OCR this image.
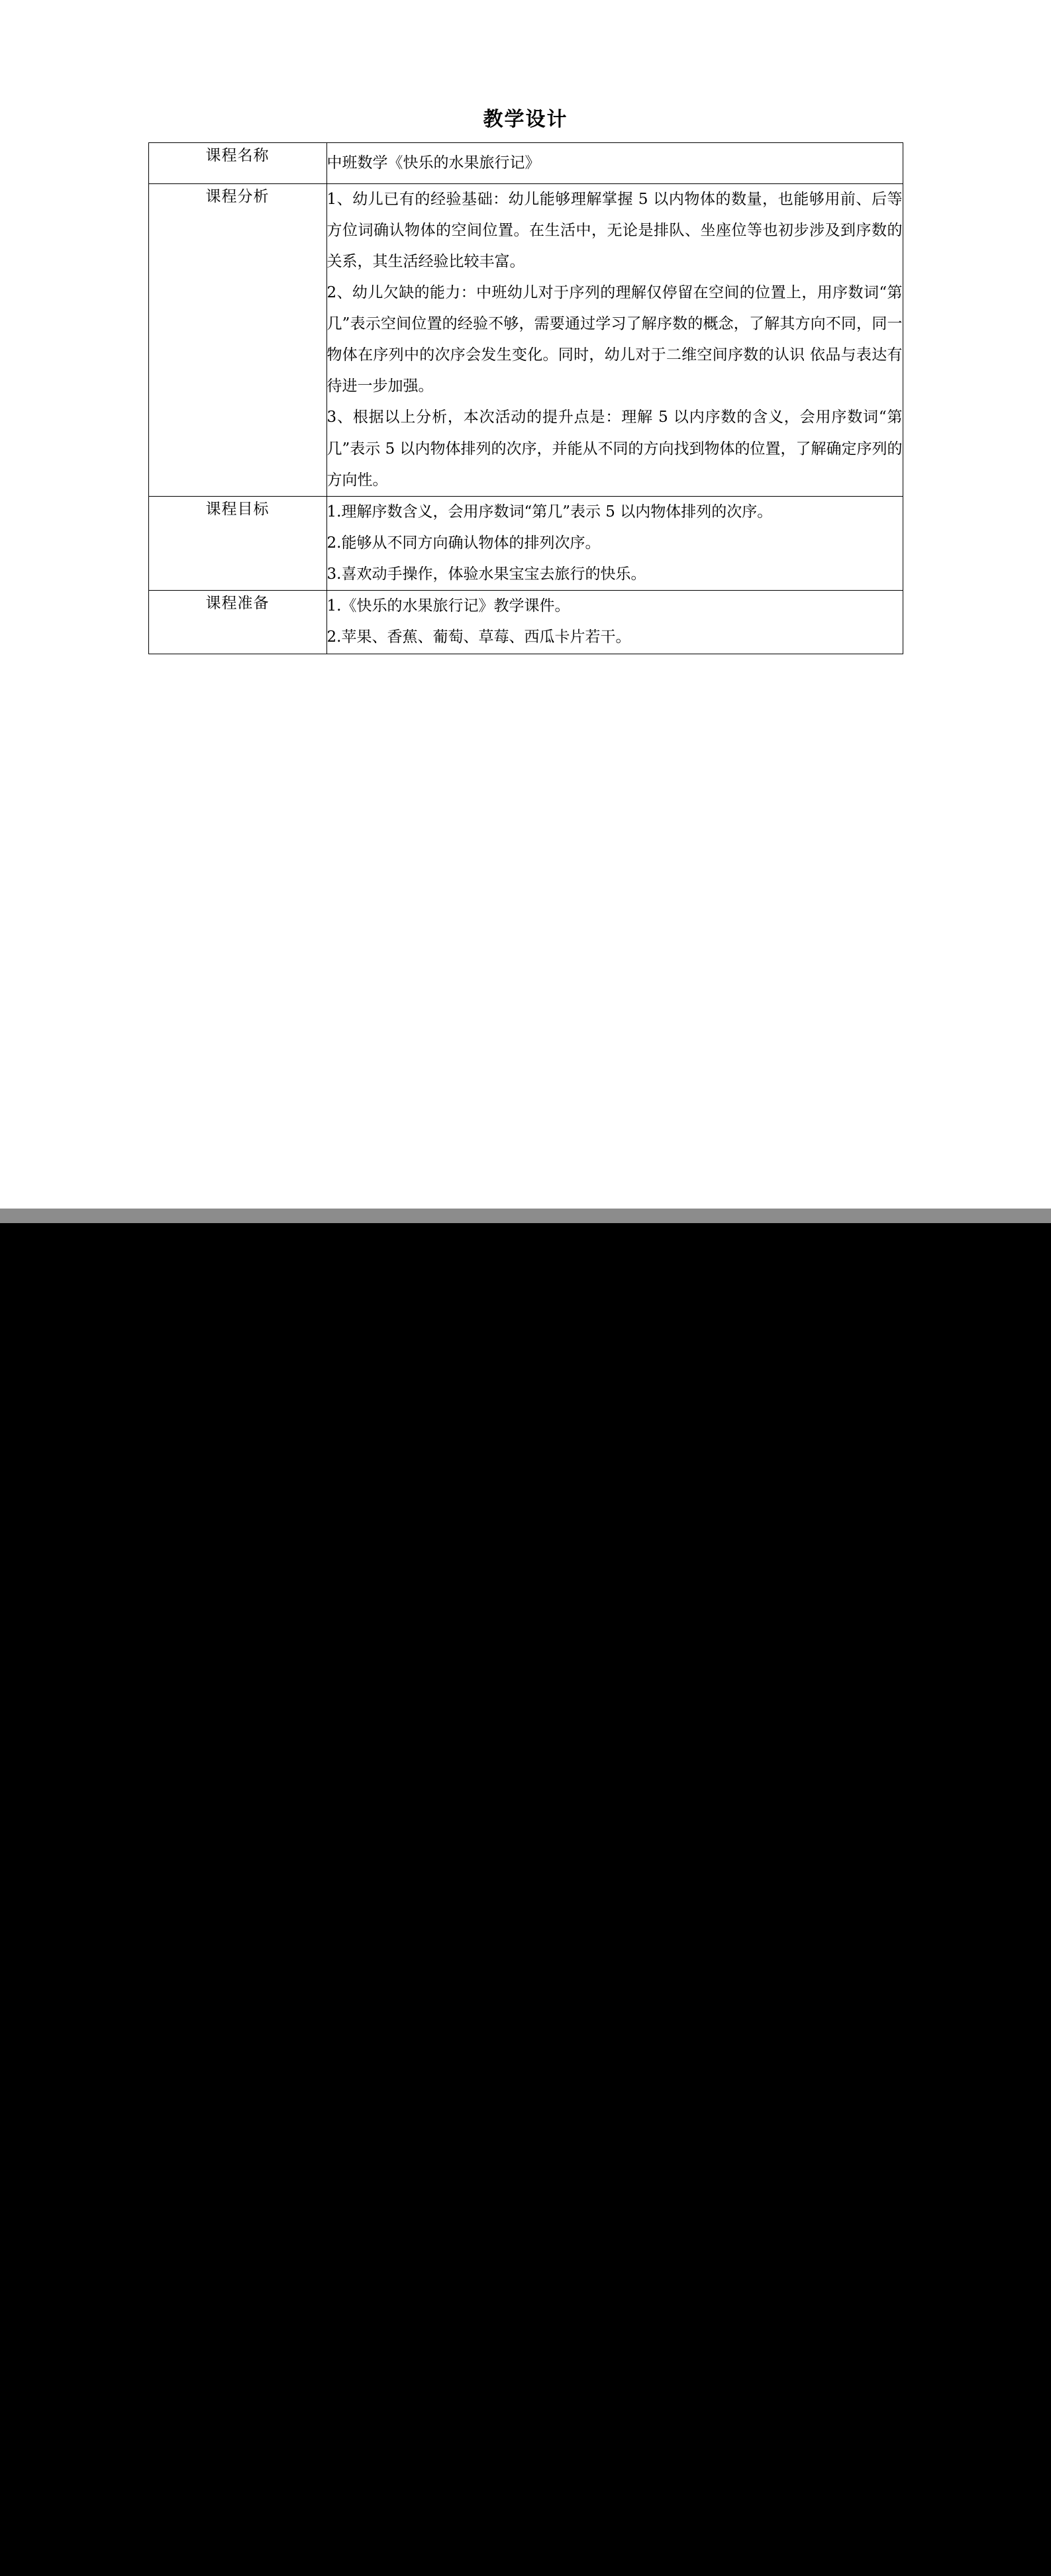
教学设计
课程名称	中班数学《快乐的水果旅行记》

课程分析	1、幼儿已有的经验基础：幼儿能够理解掌握 5 以内物体的数量，也能够用前、后等方位词确认物体的空间位置。在生活中，无论是排队、坐座位等也初步涉及到序数的关系，其生活经验比较丰富。

2、幼儿欠缺的能力：中班幼儿对于序列的理解仅停留在空间的位置上，用序数词“第几”表示空间位置的经验不够，需要通过学习了解序数的概念，了解其方向不同，同一物体在序列中的次序会发生变化。同时，幼儿对于二维空间序数的认识 依品与表达有待进一步加强。

3、根据以上分析，本次活动的提升点是：理解 5 以内序数的含义，会用序数词“第几”表示 5 以内物体排列的次序，并能从不同的方向找到物体的位置，了解确定序列的方向性。

课程目标	1.理解序数含义，会用序数词“第几”表示 5 以内物体排列的次序。

2.能够从不同方向确认物体的排列次序。

3.喜欢动手操作，体验水果宝宝去旅行的快乐。

课程准备	1.《快乐的水果旅行记》教学课件。

2.苹果、香蕉、葡萄、草莓、西瓜卡片若干。
